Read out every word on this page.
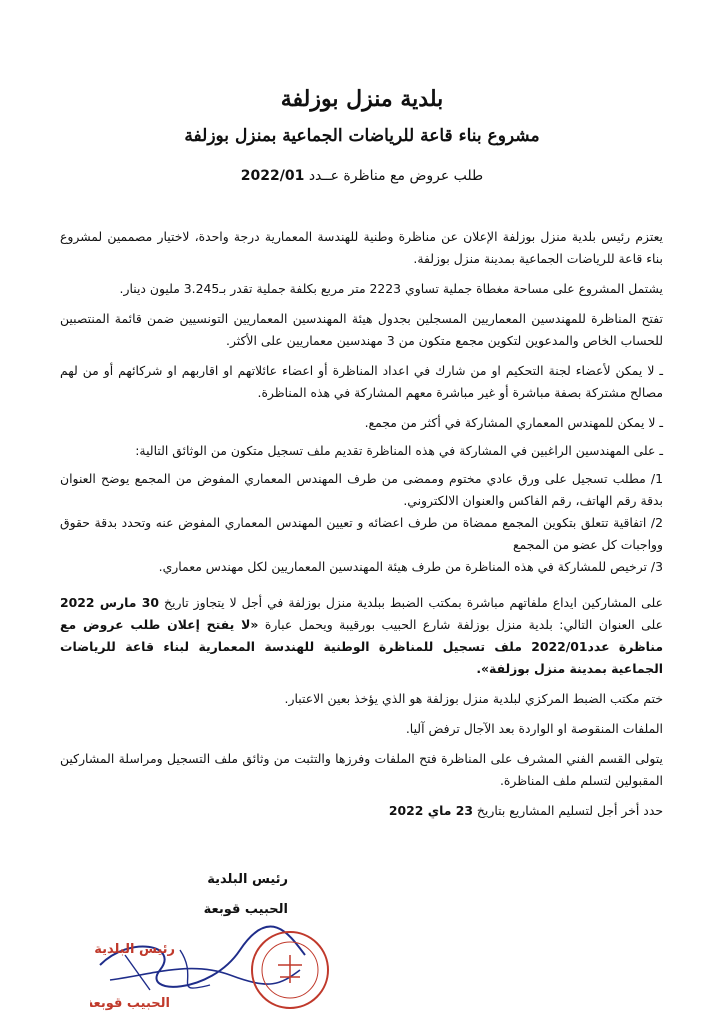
بلدية منزل بوزلفة
مشروع بناء قاعة للرياضات الجماعية بمنزل بوزلفة
طلب عروض مع مناظرة عــدد 2022/01

يعتزم رئيس بلدية منزل بوزلفة الإعلان عن مناظرة وطنية للهندسة المعمارية درجة واحدة، لاختيار مصممين لمشروع بناء قاعة للرياضات الجماعية بمدينة منزل بوزلفة.

يشتمل المشروع على مساحة مغطاة جملية تساوي 2223 متر مربع بكلفة جملية تقدر بـ3.245 مليون دينار.

تفتح المناظرة للمهندسين المعماريين المسجلين بجدول هيئة المهندسين المعماريين التونسيين ضمن قائمة المنتصبين للحساب الخاص والمدعوين لتكوين مجمع متكون من 3 مهندسين معماريين على الأكثر.

ـ لا يمكن لأعضاء لجنة التحكيم او من شارك في اعداد المناظرة أو اعضاء عائلاتهم او اقاربهم او شركائهم أو من لهم مصالح مشتركة بصفة مباشرة أو غير مباشرة معهم المشاركة في هذه المناظرة.

ـ لا يمكن للمهندس المعماري المشاركة في أكثر من مجمع.

ـ على المهندسين الراغبين في المشاركة في هذه المناظرة تقديم ملف تسجيل متكون من الوثائق التالية:

1/ مطلب تسجيل على ورق عادي مختوم وممضى من طرف المهندس المعماري المفوض من المجمع يوضح العنوان بدقة رقم الهاتف، رقم الفاكس والعنوان الالكتروني.

2/ اتفاقية تتعلق بتكوين المجمع ممضاة من طرف اعضائه و تعيين المهندس المعماري المفوض عنه وتحدد بدقة حقوق وواجبات كل عضو من المجمع

3/ ترخيص للمشاركة في هذه المناظرة من طرف هيئة المهندسين المعماريين لكل مهندس معماري.

على المشاركين ايداع ملفاتهم مباشرة بمكتب الضبط ببلدية منزل بوزلفة في أجل لا يتجاوز تاريخ 30 مارس 2022 على العنوان التالي: بلدية منزل بوزلفة شارع الحبيب بورقيبة ويحمل عبارة «لا يفتح إعلان طلب عروض مع مناظرة عدد2022/01 ملف تسجيل للمناظرة الوطنية للهندسة المعمارية لبناء قاعة للرياضات الجماعية بمدينة منزل بوزلفة».

ختم مكتب الضبط المركزي لبلدية منزل بوزلفة هو الذي يؤخذ بعين الاعتبار.

الملفات المنقوصة او الواردة بعد الآجال ترفض آليا.

يتولى القسم الفني المشرف على المناظرة فتح الملفات وفرزها والتثبت من وثائق ملف التسجيل ومراسلة المشاركين المقبولين لتسلم ملف المناظرة.

حدد أخر أجل لتسليم المشاريع بتاريخ 23 ماي 2022

رئيس البلدية
الحبيب قوبعة
رئيس البلدية
الحبيب قوبعة
